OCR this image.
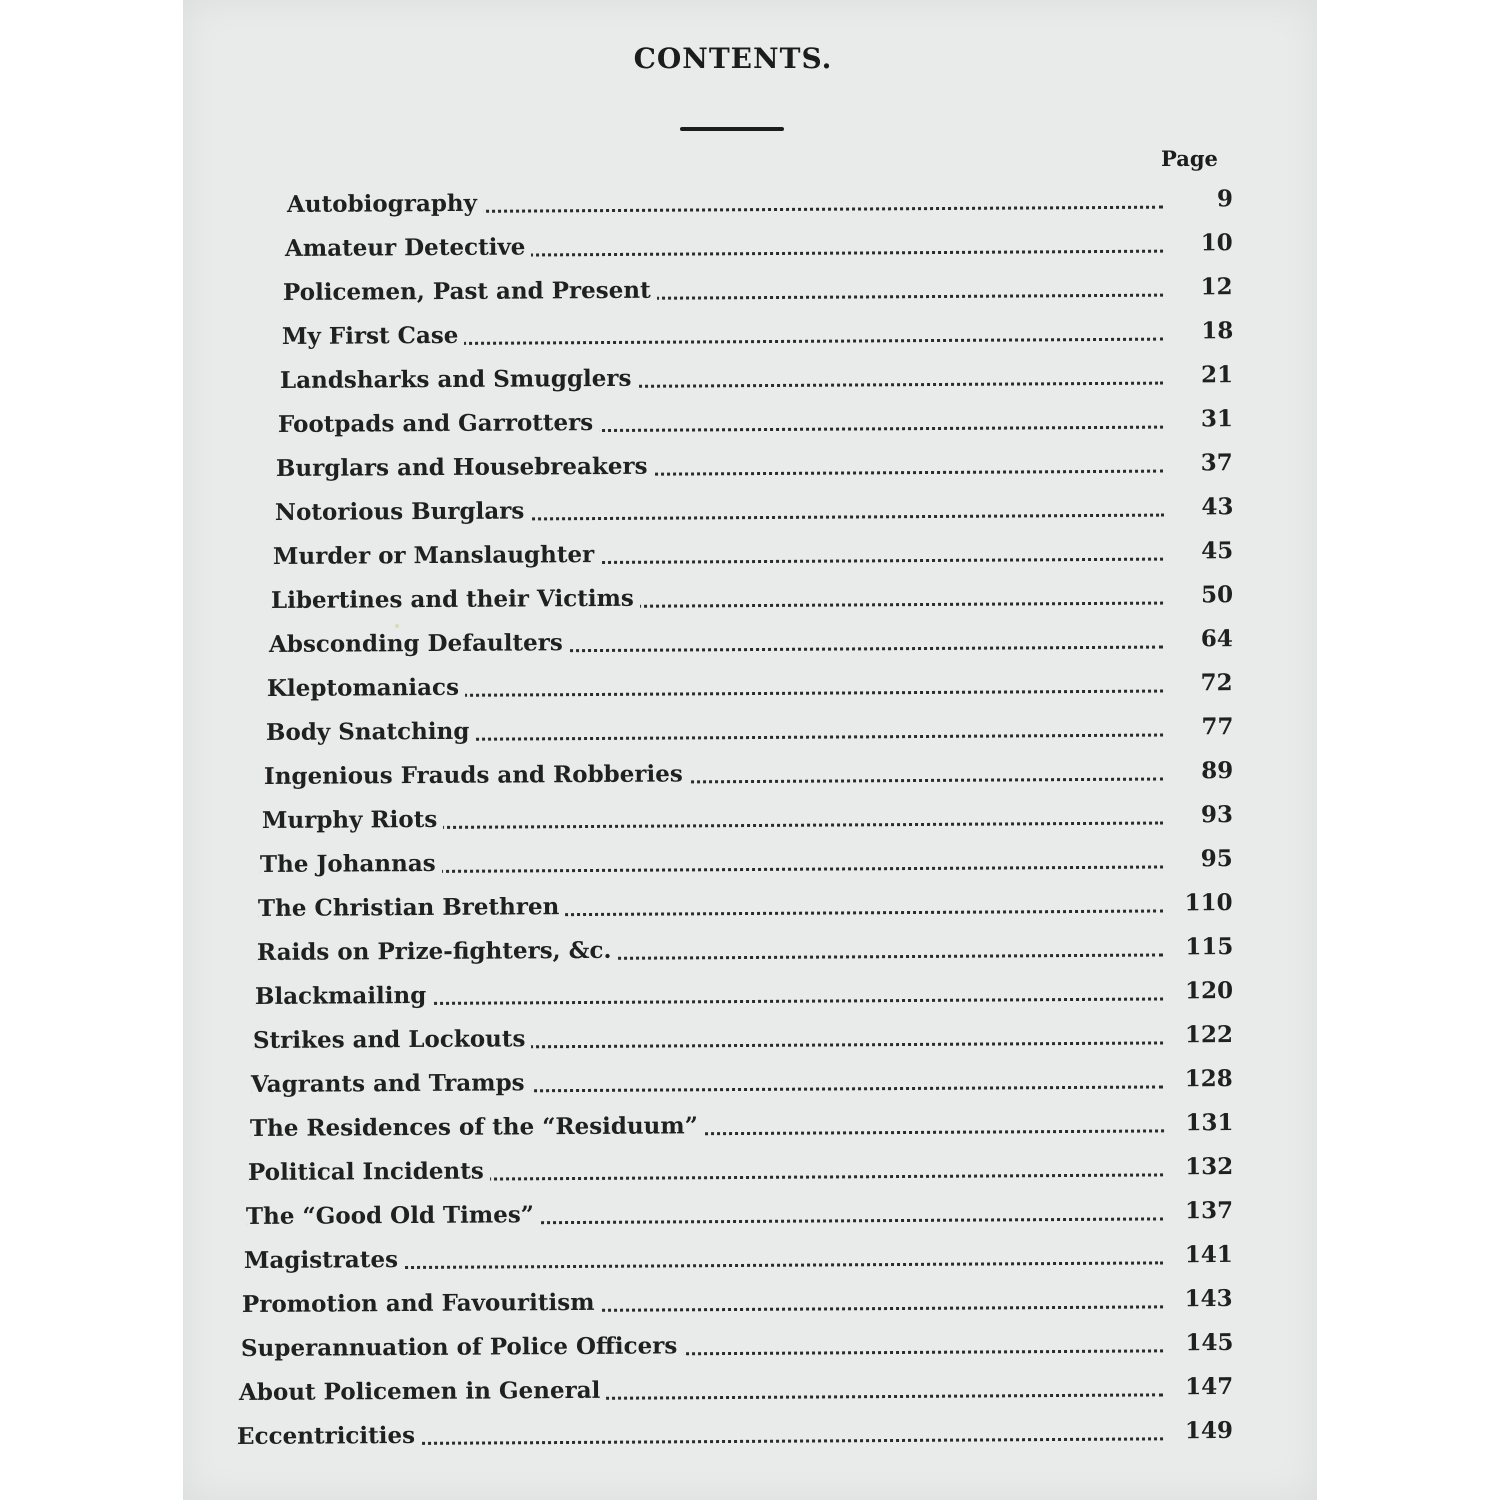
CONTENTS.
Page
Autobiography	9
Amateur Detective	10
Policemen, Past and Present	12
My First Case	18
Landsharks and Smugglers	21
Footpads and Garrotters	31
Burglars and Housebreakers	37
Notorious Burglars	43
Murder or Manslaughter	45
Libertines and their Victims	50
Absconding Defaulters	64
Kleptomaniacs	72
Body Snatching	77
Ingenious Frauds and Robberies	89
Murphy Riots	93
The Johannas	95
The Christian Brethren	110
Raids on Prize-fighters, &c.	115
Blackmailing	120
Strikes and Lockouts	122
Vagrants and Tramps	128
The Residences of the “Residuum”	131
Political Incidents	132
The “Good Old Times”	137
Magistrates	141
Promotion and Favouritism	143
Superannuation of Police Officers	145
About Policemen in General	147
Eccentricities	149
